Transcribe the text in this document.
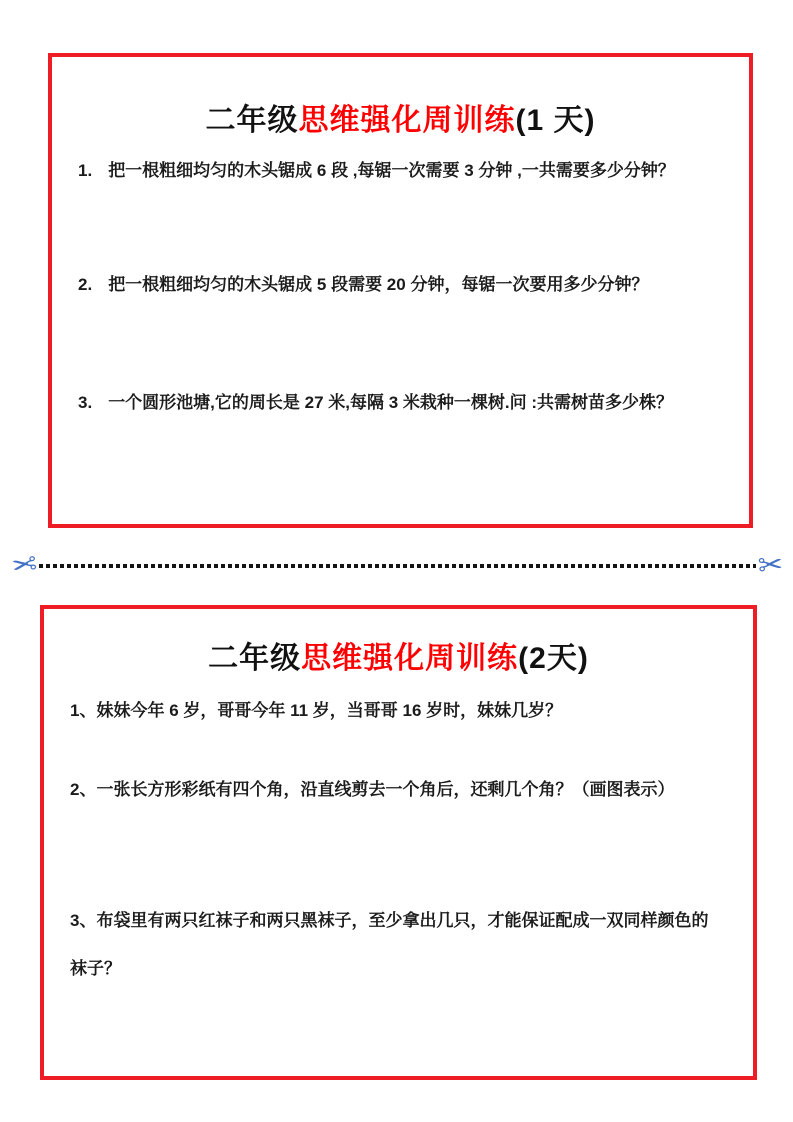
二年级思维强化周训练(1 天)
1. 把一根粗细均匀的木头锯成 6 段 ,每锯一次需要 3 分钟 ,一共需要多少分钟？
2. 把一根粗细均匀的木头锯成 5 段需要 20 分钟，每锯一次要用多少分钟？
3. 一个圆形池塘,它的周长是 27 米,每隔 3 米栽种一棵树.问 :共需树苗多少株？
✂	✂
二年级思维强化周训练(2天)
1、妹妹今年 6 岁，哥哥今年 11 岁，当哥哥 16 岁时，妹妹几岁？
2、一张长方形彩纸有四个角，沿直线剪去一个角后，还剩几个角？（画图表示）
3、布袋里有两只红袜子和两只黑袜子，至少拿出几只，才能保证配成一双同样颜色的袜子？
